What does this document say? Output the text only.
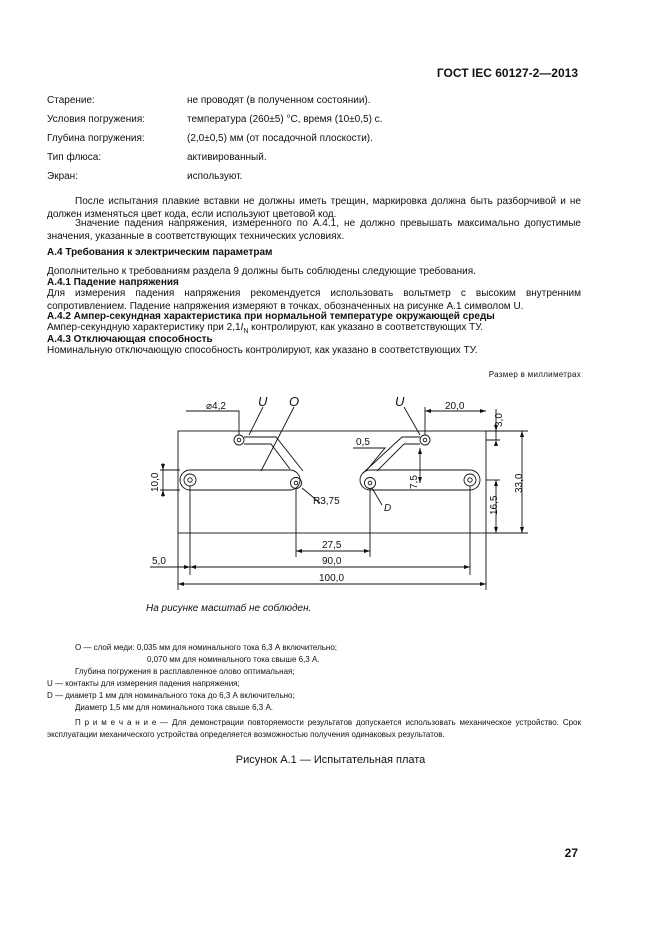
ГОСТ IEC 60127-2—2013
Старение:	не проводят (в полученном состоянии).
Условия погружения:	температура (260±5) °С, время (10±0,5) с.
Глубина погружения:	(2,0±0,5) мм (от посадочной плоскости).
Тип флюса:	активированный.
Экран:	используют.
После испытания плавкие вставки не должны иметь трещин, маркировка должна быть разборчивой и не должен изменяться цвет кода, если используют цветовой код.
Значение падения напряжения, измеренного по А.4.1, не должно превышать максимально допустимые значения, указанные в соответствующих технических условиях.
А.4 Требования к электрическим параметрам
Дополнительно к требованиям раздела 9 должны быть соблюдены следующие требования.
А.4.1 Падение напряжения
Для измерения падения напряжения рекомендуется использовать вольтметр с высоким внутренним сопротивлением. Падение напряжения измеряют в точках, обозначенных на рисунке А.1 символом U.
А.4.2 Ампер-секундная характеристика при нормальной температуре окружающей среды
Ампер-секундную характеристику при $2,1I_N$ контролируют, как указано в соответствующих ТУ.
А.4.3 Отключающая способность
Номинальную отключающую способность контролируют, как указано в соответствующих ТУ.
Размер в миллиметрах
U O	U
⌀4,2	20,0
3,0
0,5
10,0	7,5	33,0
16,5
R3,75
D
27,5
5,0	90,0
100,0
На рисунке масштаб не соблюден.
О — слой меди: 0,035 мм для номинального тока 6,3 А включительно;
0,070 мм для номинального тока свыше 6,3 А.
Глубина погружения в расплавленное олово оптимальная;
U — контакты для измерения падения напряжения;
D — диаметр 1 мм для номинального тока до 6,3 А включительно;
Диаметр 1,5 мм для номинального тока свыше 6,3 А.
П р и м е ч а н и е — Для демонстрации повторяемости результатов допускается использовать механическое устройство. Срок эксплуатации механического устройства определяется возможностью получения одинаковых результатов.
Рисунок А.1 — Испытательная плата
27
